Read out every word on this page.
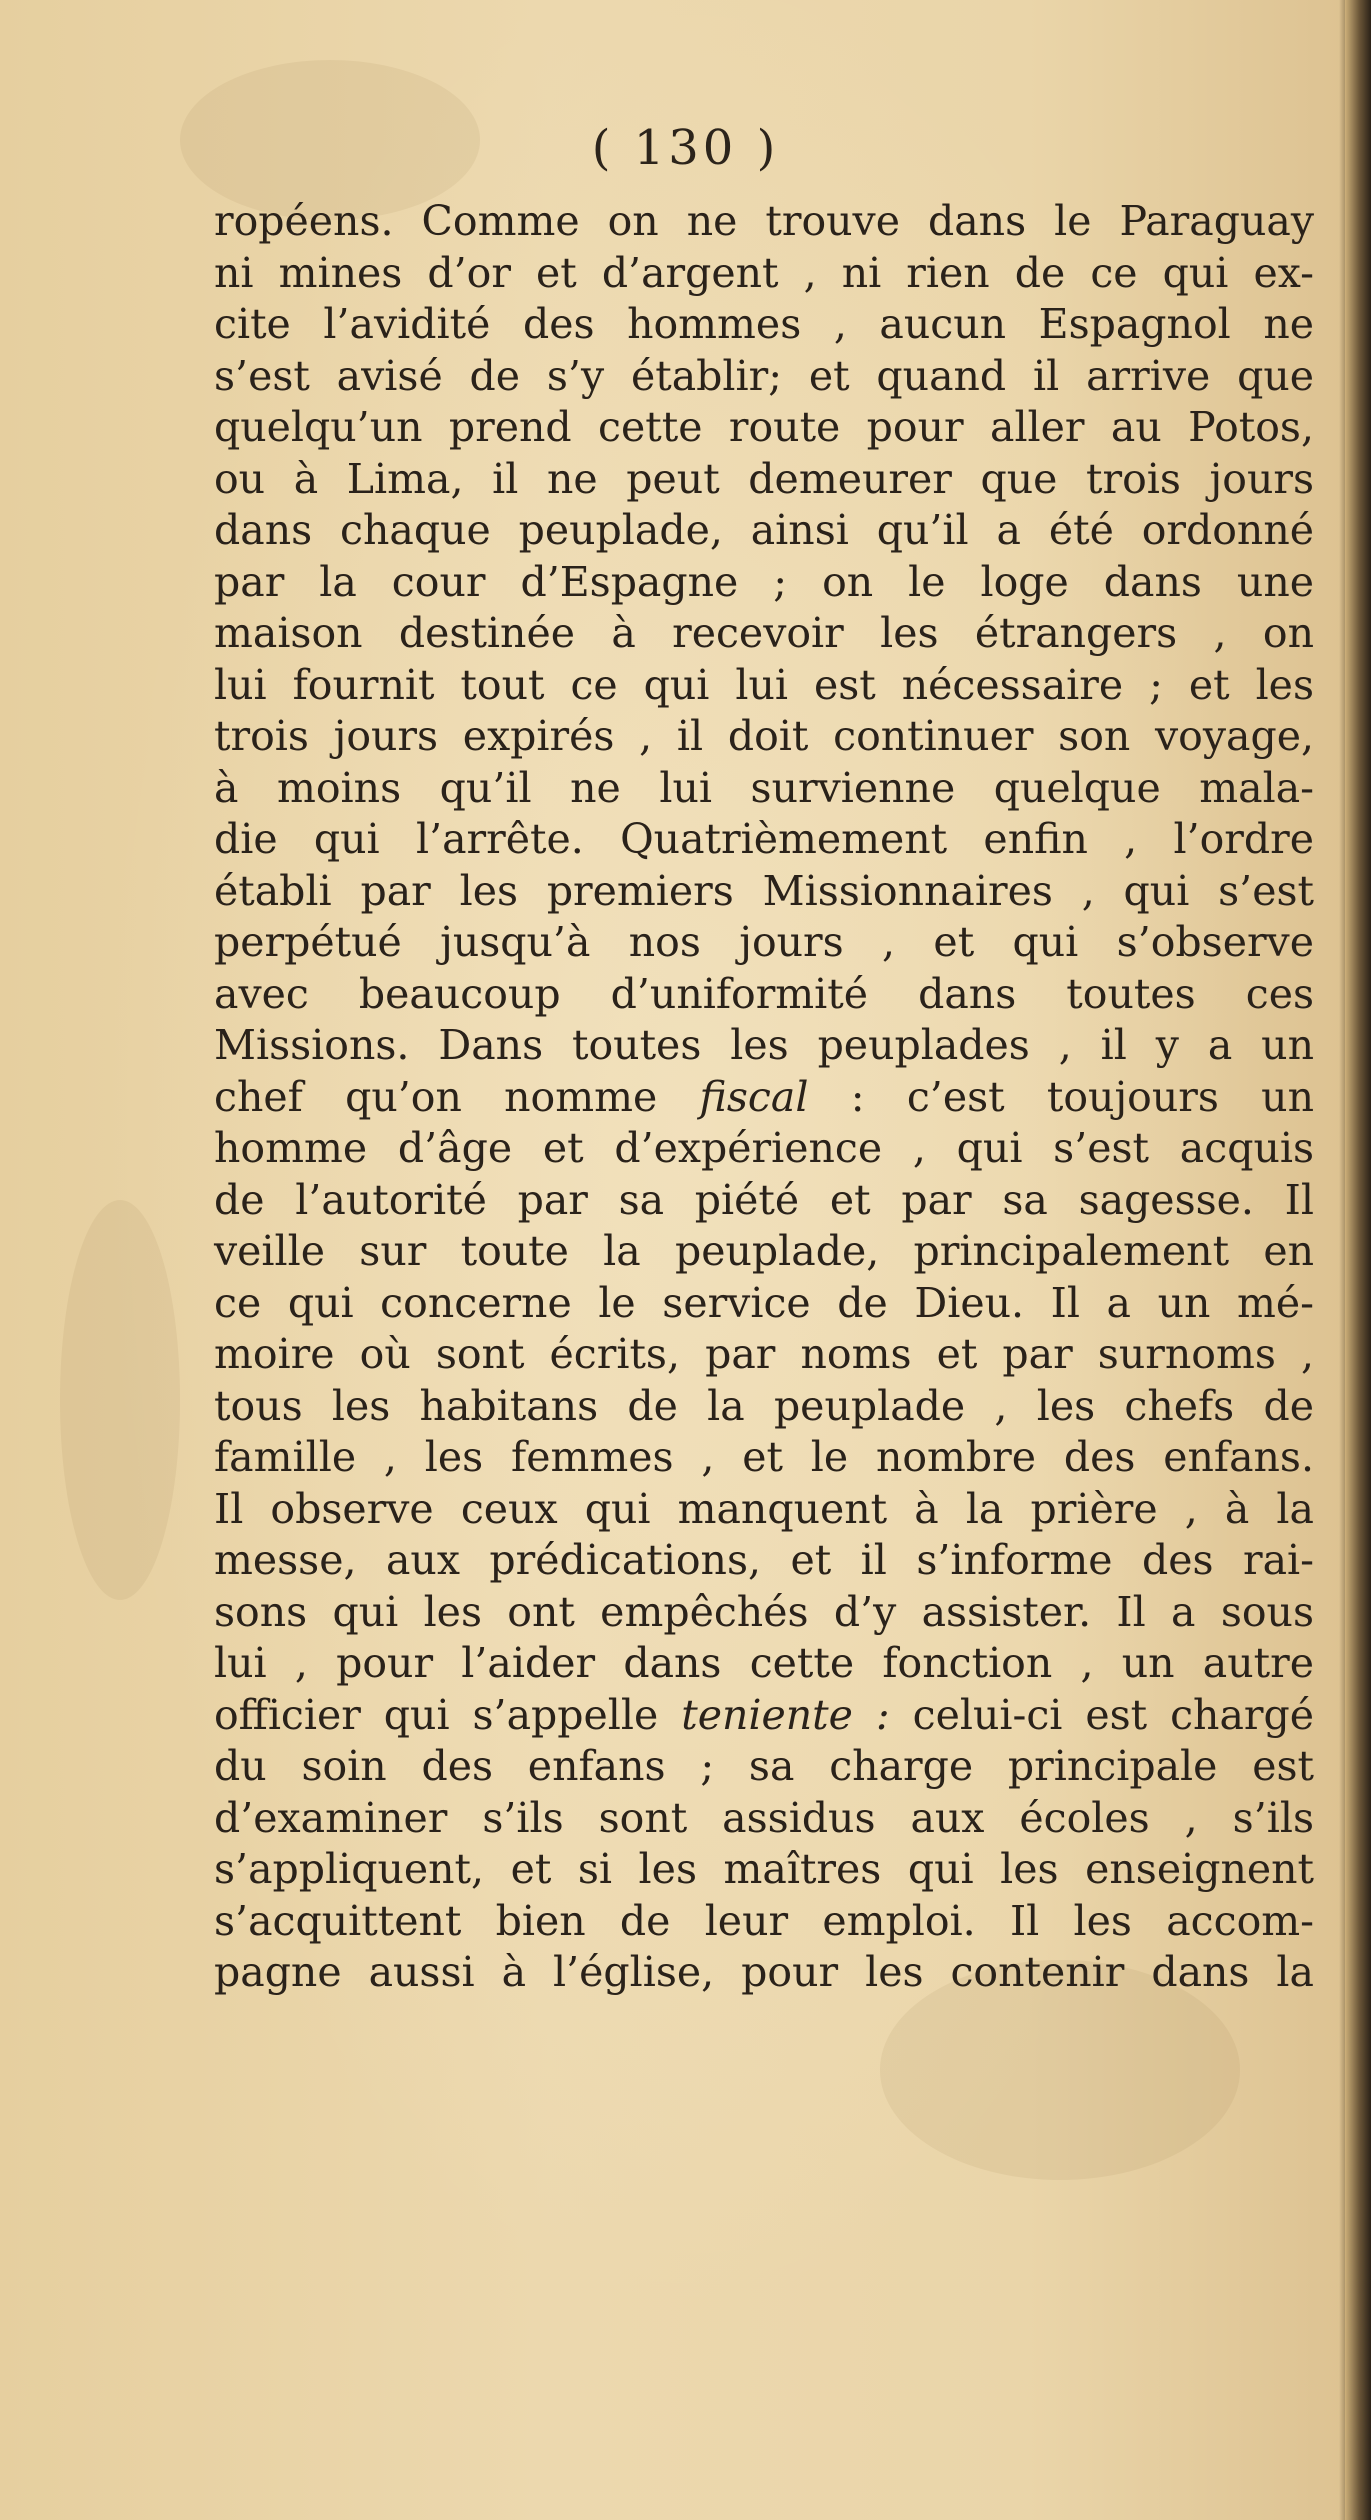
( 130 )
ropéens. Comme on ne trouve dans le Paraguay
ni mines d’or et d’argent , ni rien de ce qui ex-
cite l’avidité des hommes , aucun Espagnol ne
s’est avisé de s’y établir; et quand il arrive que
quelqu’un prend cette route pour aller au Potos,
ou à Lima, il ne peut demeurer que trois jours
dans chaque peuplade, ainsi qu’il a été ordonné
par la cour d’Espagne ; on le loge dans une
maison destinée à recevoir les étrangers , on
lui fournit tout ce qui lui est nécessaire ; et les
trois jours expirés , il doit continuer son voyage,
à moins qu’il ne lui survienne quelque mala-
die qui l’arrête. Quatrièmement enfin , l’ordre
établi par les premiers Missionnaires , qui s’est
perpétué jusqu’à nos jours , et qui s’observe
avec beaucoup d’uniformité dans toutes ces
Missions. Dans toutes les peuplades , il y a un
chef qu’on nomme fiscal : c’est toujours un
homme d’âge et d’expérience , qui s’est acquis
de l’autorité par sa piété et par sa sagesse. Il
veille sur toute la peuplade, principalement en
ce qui concerne le service de Dieu. Il a un mé-
moire où sont écrits, par noms et par surnoms ,
tous les habitans de la peuplade , les chefs de
famille , les femmes , et le nombre des enfans.
Il observe ceux qui manquent à la prière , à la
messe, aux prédications, et il s’informe des rai-
sons qui les ont empêchés d’y assister. Il a sous
lui , pour l’aider dans cette fonction , un autre
officier qui s’appelle teniente : celui-ci est chargé
du soin des enfans ; sa charge principale est
d’examiner s’ils sont assidus aux écoles , s’ils
s’appliquent, et si les maîtres qui les enseignent
s’acquittent bien de leur emploi. Il les accom-
pagne aussi à l’église, pour les contenir dans la
